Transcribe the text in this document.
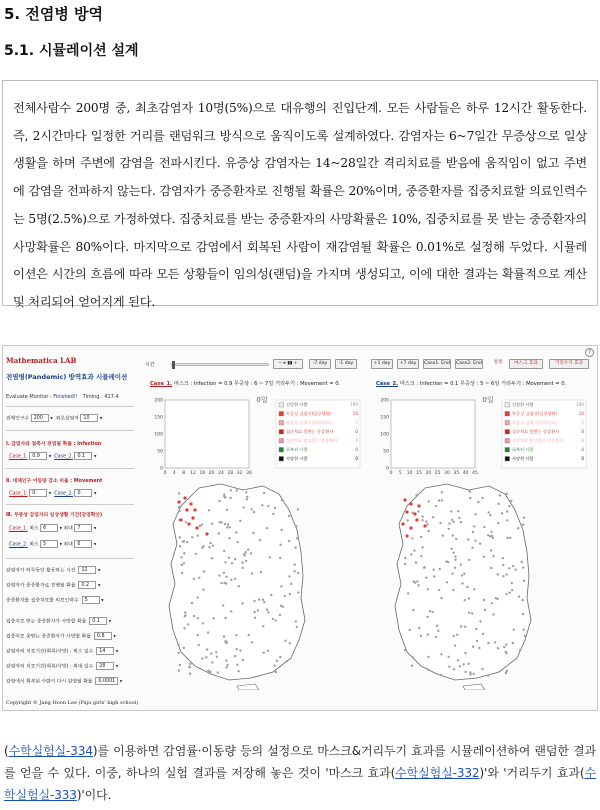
5. 전염병 방역
5.1. 시뮬레이션 설계

전체사람수 200명 중, 최초감염자 10명(5%)으로 대유행의 진입단계. 모든 사람들은 하루 12시간 활동한다. 즉, 2시간마다 일정한 거리를 랜덤워크 방식으로 움직이도록 설계하였다. 감염자는 6~7일간 무증상으로 일상생활을 하며 주변에 감염을 전파시킨다. 유증상 감염자는 14~28일간 격리치료를 받음에 움직임이 없고 주변에 감염을 전파하지 않는다. 감염자가 중증환자로 진행될 확률은 20%이며, 중증환자를 집중치료할 의료인력수는 5명(2.5%)으로 가정하였다. 집중치료를 받는 중증환자의 사망확률은 10%, 집중치료를 못 받는 중증환자의 사망확률은 80%이다. 마지막으로 감염에서 회복된 사람이 재감염될 확률은 0.01%로 설정해 두었다. 시뮬레이션은 시간의 흐름에 따라 모든 상황들이 임의성(랜덤)을 가지며 생성되고, 이에 대한 결과는 확률적으로 계산 및 처리되어 얻어지게 된다.

?
Mathematica LAB
전염병(Pandemic) 방역효과 시뮬레이션
Evaluate Monitor : Finished!! Timing : 417.4
전체인구수 200 ▾  최초감염자 10 ▾
Ⅰ. 감염자와 접촉시 전염될 확률 : Infection
Case_1. 0.9 ▾  Case_2. 0.1 ▾
Ⅱ. 대체인구 이동량 감소 비율 : Movement
Case_1. 0. ▾  Case_2. 0. ▾
Ⅲ. 무증상 감염자의 일상생활 기간(감염확산)
Case_1. 최소 6 ▾ 최대 7 ▾
Case_2. 최소 5 ▾ 최대 6 ▾
감염자가 하루동안 활동하는 시간 12 ▾
감염자가 중증환자로 진행될 확률 0.2 ▾
중증환자를 집중치료할 의료인력수 5 ▾
집중치료 받는 중증환자가 사망할 확률 0.1 ▾
집중치료 못받는 중증환자가 사망할 확률 0.8 ▾
감염자의 치료기간(회복/사망) : 최소 일수 14 ▾
감염자의 치료기간(회복/사망) : 최대 일수 28 ▾
감염에서 회복된 사람이 다시 감염될 확률 0.0001 ▾
Copyright © Jang Hoon Lee (Paju girls' high school)
시간	− ▸ ▮▮ +	-7 day	-1 day	+1 day	+7 day	Case1. End Case2. End	설정	마스크 효과	거리두기 효과
Case_1. 마스크 : Infection = 0.9 무증상 : 6 ~ 7일 거리두기 : Movement = 0.
0
50
100
150
200
0 4 8 12 16 20 24 28 32 36
0일
건강한 사람	190
무증상 감염자(일상생활)	10
유증상 감염자(격리치료)	0
집중치료 못받는 중증환자	0
집중치료 받고있는 중증환자	0
회복된 사람	0
사망한 사람	0
Case_2. 마스크 : Infection = 0.1 무증상 : 5 ~ 6일 거리두기 : Movement = 0.
0
50
100
150
200
0 5 10 15 20 25 30 35 40 45
0일
건강한 사람	190
무증상 감염자(일상생활)	10
유증상 감염자(격리치료)	0
집중치료 못받는 중증환자	0
집중치료 받고있는 중증환자	0
회복된 사람	0
사망한 사람	0
(수학실험실-334)를 이용하면 감염률·이동량 등의 설정으로 마스크&거리두기 효과를 시뮬레이션하여 랜덤한 결과를 얻을 수 있다. 이중, 하나의 실험 결과를 저장해 놓은 것이 '마스크 효과(수학실험실-332)'와 '거리두기 효과(수학실험실-333)'이다.
